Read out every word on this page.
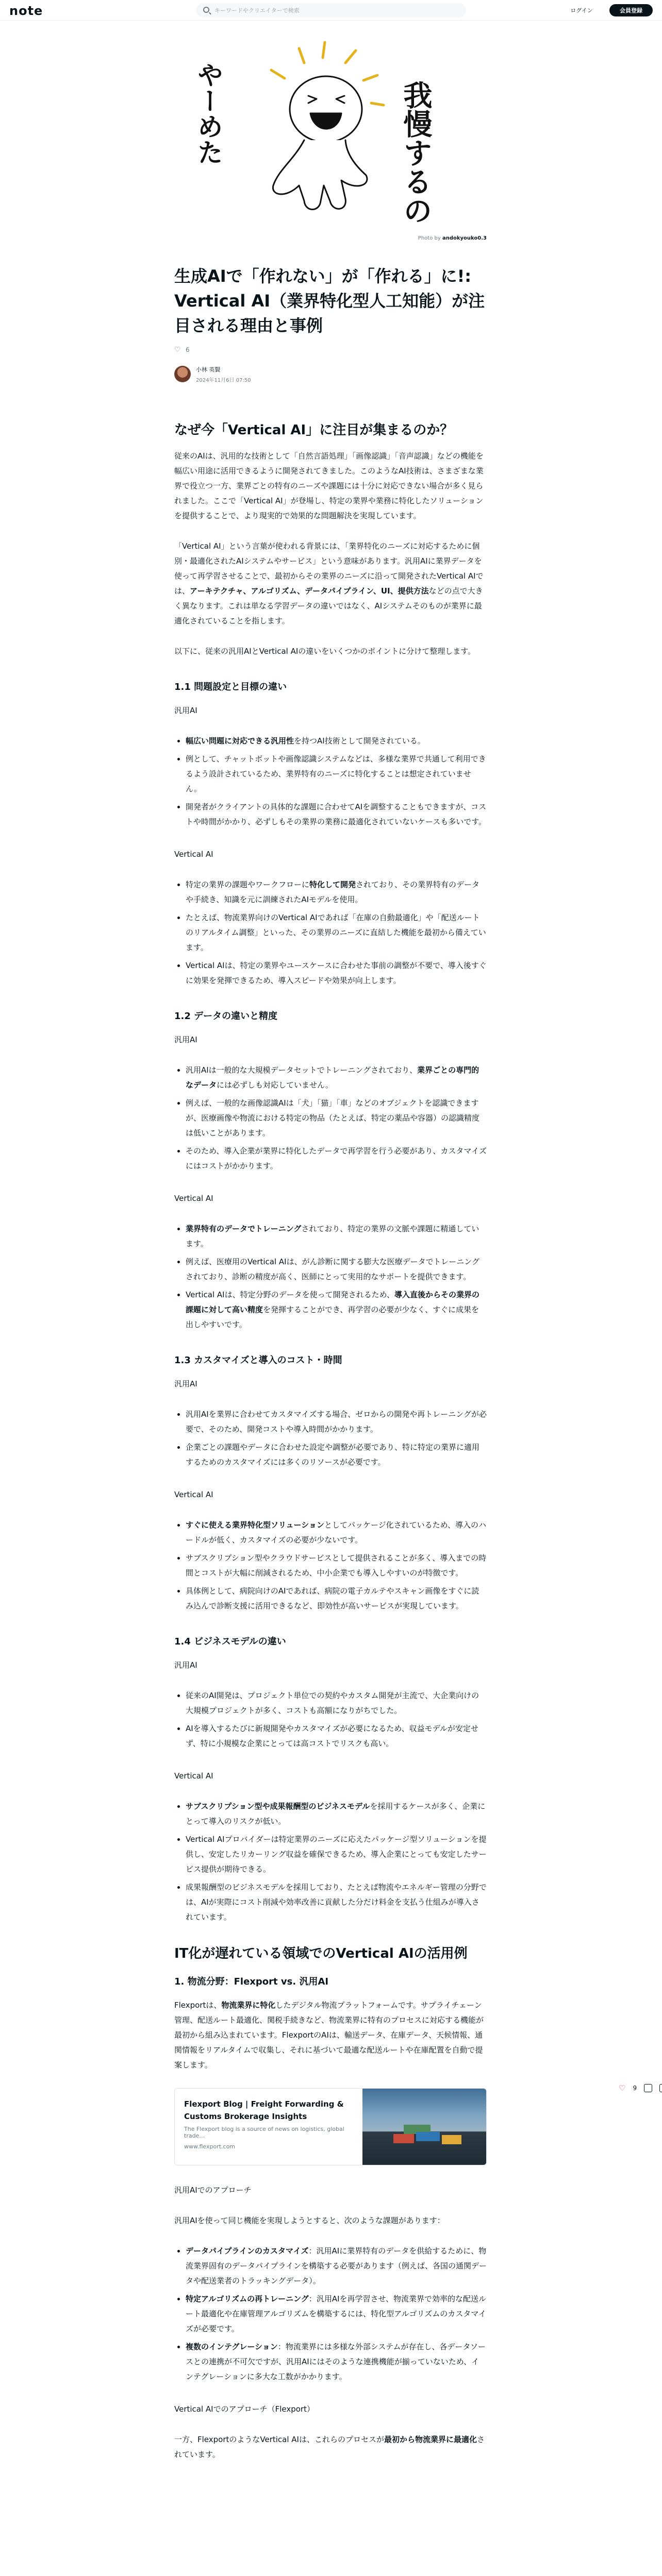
note
キーワードやクリエイターで検索	ログイン	会員登録
我慢するの
やーめた
Photo by andokyouko0.3
生成AIで「作れない」が「作れる」に!: Vertical AI（業界特化型人工知能）が注目される理由と事例
♡ 6
小林 英賢
2024年11月6日 07:50
なぜ今「Vertical AI」に注目が集まるのか？

従来のAIは、汎用的な技術として「自然言語処理」「画像認識」「音声認識」などの機能を幅広い用途に活用できるように開発されてきました。このようなAI技術は、さまざまな業界で役立つ一方、業界ごとの特有のニーズや課題には十分に対応できない場合が多く見られました。ここで「Vertical AI」が登場し、特定の業界や業務に特化したソリューションを提供することで、より現実的で効果的な問題解決を実現しています。

「Vertical AI」という言葉が使われる背景には、「業界特化のニーズに対応するために個別・最適化されたAIシステムやサービス」という意味があります。汎用AIに業界データを使って再学習させることで、最初からその業界のニーズに沿って開発されたVertical AIでは、アーキテクチャ、アルゴリズム、データパイプライン、UI、提供方法などの点で大きく異なります。これは単なる学習データの違いではなく、AIシステムそのものが業界に最適化されていることを指します。

以下に、従来の汎用AIとVertical AIの違いをいくつかのポイントに分けて整理します。

1.1 問題設定と目標の違い

汎用AI

• 幅広い問題に対応できる汎用性を持つAI技術として開発されている。
• 例として、チャットボットや画像認識システムなどは、多様な業界で共通して利用できるよう設計されているため、業界特有のニーズに特化することは想定されていません。
• 開発者がクライアントの具体的な課題に合わせてAIを調整することもできますが、コストや時間がかかり、必ずしもその業界の業務に最適化されていないケースも多いです。

Vertical AI

• 特定の業界の課題やワークフローに特化して開発されており、その業界特有のデータや手続き、知識を元に訓練されたAIモデルを使用。
• たとえば、物流業界向けのVertical AIであれば「在庫の自動最適化」や「配送ルートのリアルタイム調整」といった、その業界のニーズに直結した機能を最初から備えています。
• Vertical AIは、特定の業界やユースケースに合わせた事前の調整が不要で、導入後すぐに効果を発揮できるため、導入スピードや効果が向上します。
1.2 データの違いと精度

汎用AI

• 汎用AIは一般的な大規模データセットでトレーニングされており、業界ごとの専門的なデータには必ずしも対応していません。
• 例えば、一般的な画像認識AIは「犬」「猫」「車」などのオブジェクトを認識できますが、医療画像や物流における特定の物品（たとえば、特定の薬品や容器）の認識精度は低いことがあります。
• そのため、導入企業が業界に特化したデータで再学習を行う必要があり、カスタマイズにはコストがかかります。

Vertical AI

• 業界特有のデータでトレーニングされており、特定の業界の文脈や課題に精通しています。
• 例えば、医療用のVertical AIは、がん診断に関する膨大な医療データでトレーニングされており、診断の精度が高く、医師にとって実用的なサポートを提供できます。
• Vertical AIは、特定分野のデータを使って開発されるため、導入直後からその業界の課題に対して高い精度を発揮することができ、再学習の必要が少なく、すぐに成果を出しやすいです。
1.3 カスタマイズと導入のコスト・時間

汎用AI

• 汎用AIを業界に合わせてカスタマイズする場合、ゼロからの開発や再トレーニングが必要で、そのため、開発コストや導入時間がかかります。
• 企業ごとの課題やデータに合わせた設定や調整が必要であり、特に特定の業界に適用するためのカスタマイズには多くのリソースが必要です。

Vertical AI

• すぐに使える業界特化型ソリューションとしてパッケージ化されているため、導入のハードルが低く、カスタマイズの必要が少ないです。
• サブスクリプション型やクラウドサービスとして提供されることが多く、導入までの時間とコストが大幅に削減されるため、中小企業でも導入しやすいのが特徴です。
• 具体例として、病院向けのAIであれば、病院の電子カルテやスキャン画像をすぐに読み込んで診断支援に活用できるなど、即効性が高いサービスが実現しています。
1.4 ビジネスモデルの違い

汎用AI

• 従来のAI開発は、プロジェクト単位での契約やカスタム開発が主流で、大企業向けの大規模プロジェクトが多く、コストも高額になりがちでした。
• AIを導入するたびに新規開発やカスタマイズが必要になるため、収益モデルが安定せず、特に小規模な企業にとっては高コストでリスクも高い。

Vertical AI

• サブスクリプション型や成果報酬型のビジネスモデルを採用するケースが多く、企業にとって導入のリスクが低い。
• Vertical AIプロバイダーは特定業界のニーズに応えたパッケージ型ソリューションを提供し、安定したリカーリング収益を確保できるため、導入企業にとっても安定したサービス提供が期待できる。
• 成果報酬型のビジネスモデルを採用しており、たとえば物流やエネルギー管理の分野では、AIが実際にコスト削減や効率改善に貢献した分だけ料金を支払う仕組みが導入されています。
IT化が遅れている領域でのVertical AIの活用例
1. 物流分野：Flexport vs. 汎用AI

Flexportは、物流業界に特化したデジタル物流プラットフォームです。サプライチェーン管理、配送ルート最適化、関税手続きなど、物流業界に特有のプロセスに対応する機能が最初から組み込まれています。FlexportのAIは、輸送データ、在庫データ、天候情報、通関情報をリアルタイムで収集し、それに基づいて最適な配送ルートや在庫配置を自動で提案します。

Flexport Blog | Freight Forwarding & Customs Brokerage Insights
The Flexport blog is a source of news on logistics, global trade…
www.flexport.com

汎用AIでのアプローチ

汎用AIを使って同じ機能を実現しようとすると、次のような課題があります：

• データパイプラインのカスタマイズ：汎用AIに業界特有のデータを供給するために、物流業界固有のデータパイプラインを構築する必要があります（例えば、各国の通関データや配送業者のトラッキングデータ）。
• 特定アルゴリズムの再トレーニング：汎用AIを再学習させ、物流業界で効率的な配送ルート最適化や在庫管理アルゴリズムを構築するには、特化型アルゴリズムのカスタマイズが必要です。
• 複数のインテグレーション：物流業界には多様な外部システムが存在し、各データソースとの連携が不可欠ですが、汎用AIにはそのような連携機能が揃っていないため、インテグレーションに多大な工数がかかります。

Vertical AIでのアプローチ（Flexport）

一方、FlexportのようなVertical AIは、これらのプロセスが最初から物流業界に最適化されています。

♡ 9
